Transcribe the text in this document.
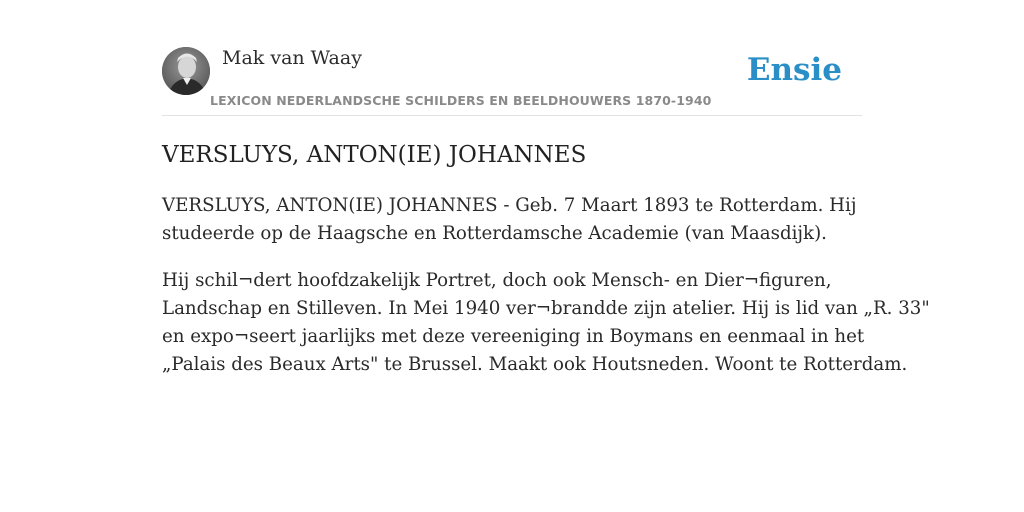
Mak van Waay
LEXICON NEDERLANDSCHE SCHILDERS EN BEELDHOUWERS 1870-1940
Ensie
VERSLUYS, ANTON(IE) JOHANNES

VERSLUYS, ANTON(IE) JOHANNES - Geb. 7 Maart 1893 te Rotterdam. Hij
studeerde op de Haagsche en Rotterdamsche Academie (van Maasdijk).

Hij schil¬dert hoofdzakelijk Portret, doch ook Mensch- en Dier¬figuren,
Landschap en Stilleven. In Mei 1940 ver¬brandde zijn atelier. Hij is lid van „R. 33"
en expo¬seert jaarlijks met deze vereeniging in Boymans en eenmaal in het
„Palais des Beaux Arts" te Brussel. Maakt ook Houtsneden. Woont te Rotterdam.
